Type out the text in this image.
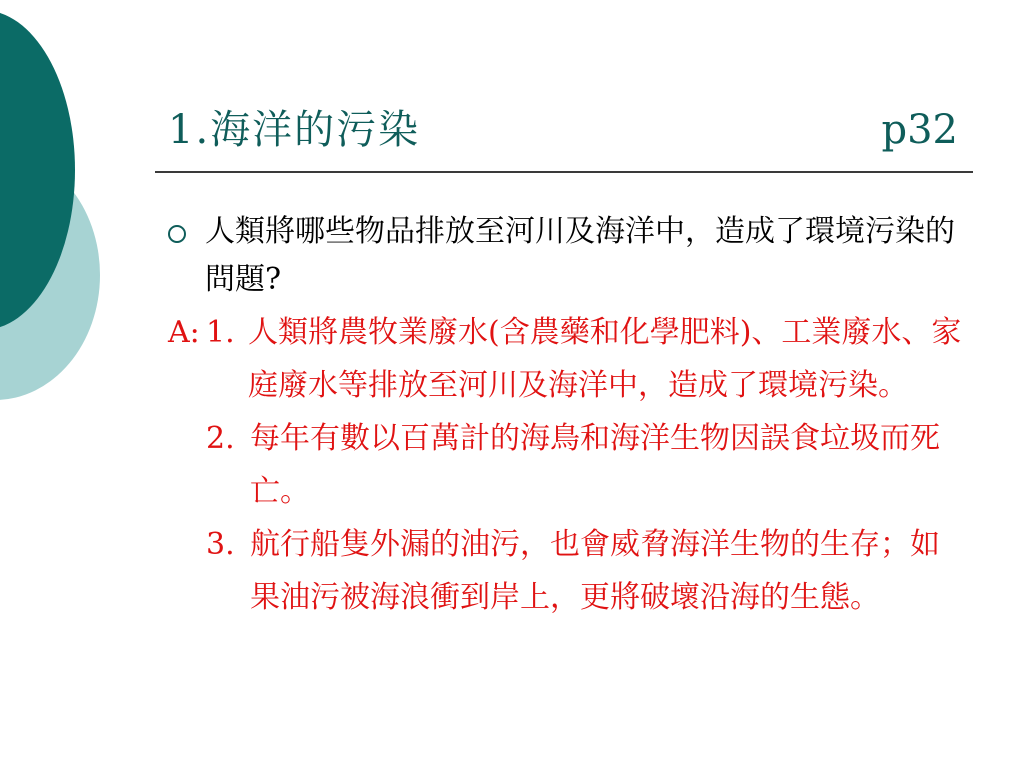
1.海洋的污染	p32
人類將哪些物品排放至河川及海洋中，造成了環境污染的問題?
A: 1. 人類將農牧業廢水(含農藥和化學肥料)、工業廢水、家庭廢水等排放至河川及海洋中，造成了環境污染。
2. 每年有數以百萬計的海鳥和海洋生物因誤食垃圾而死亡。
3. 航行船隻外漏的油污，也會威脅海洋生物的生存；如果油污被海浪衝到岸上，更將破壞沿海的生態。
